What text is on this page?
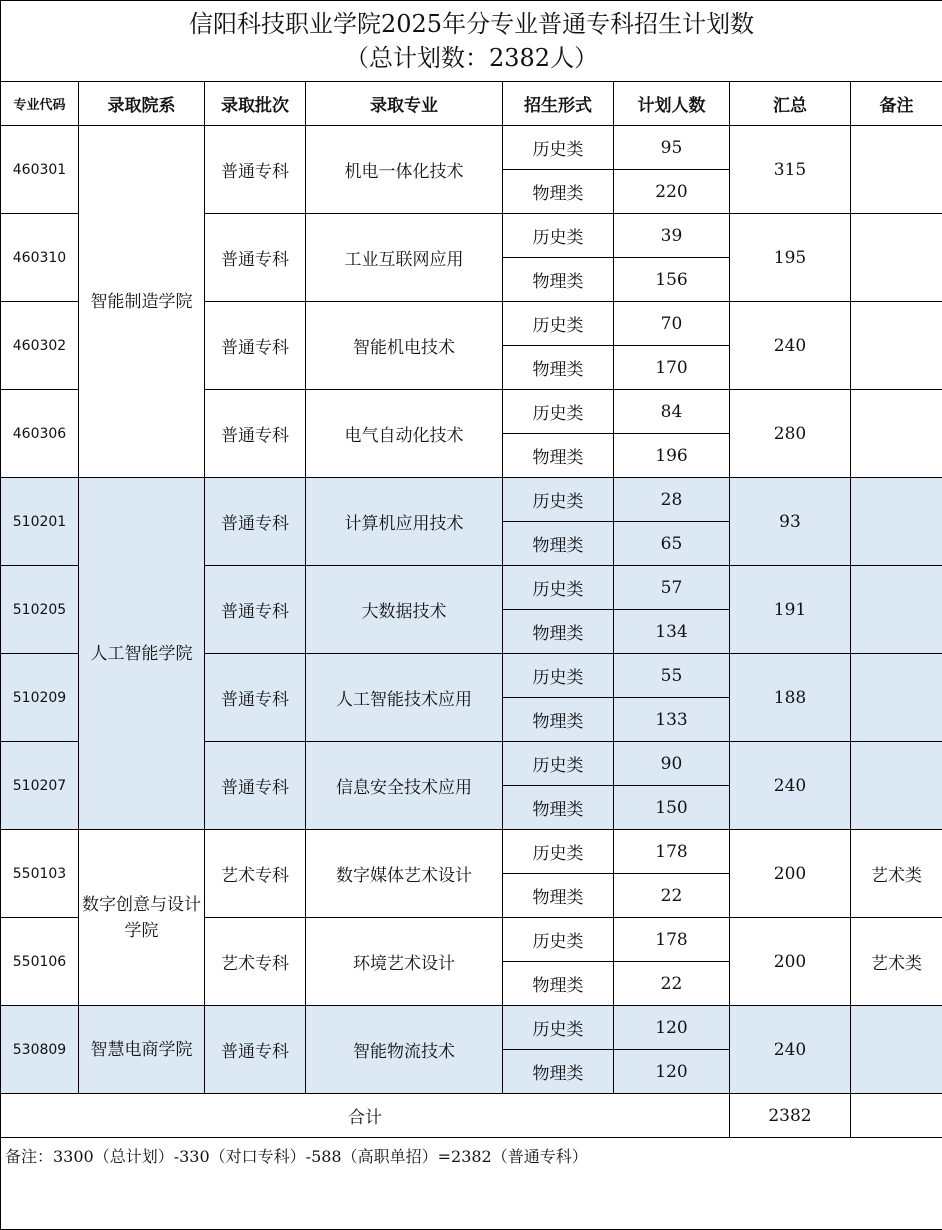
信阳科技职业学院2025年分专业普通专科招生计划数
（总计划数：2382人）							

专业代码	录取院系	录取批次	录取专业	招生形式	计划人数	汇总	备注
460301	智能制造学院	普通专科	机电一体化技术	历史类	95	315	
				物理类	220		
460310		普通专科	工业互联网应用	历史类	39	195	
				物理类	156		
460302		普通专科	智能机电技术	历史类	70	240	
				物理类	170		
460306		普通专科	电气自动化技术	历史类	84	280	
				物理类	196		
510201	人工智能学院	普通专科	计算机应用技术	历史类	28	93	
				物理类	65		
510205		普通专科	大数据技术	历史类	57	191	
				物理类	134		
510209		普通专科	人工智能技术应用	历史类	55	188	
				物理类	133		
510207		普通专科	信息安全技术应用	历史类	90	240	
				物理类	150		
550103	数字创意与设计学院	艺术专科	数字媒体艺术设计	历史类	178	200	艺术类
				物理类	22		
550106		艺术专科	环境艺术设计	历史类	178	200	艺术类
				物理类	22		
530809	智慧电商学院	普通专科	智能物流技术	历史类	120	240	
				物理类	120		
合计						2382	
备注：3300（总计划）-330（对口专科）-588（高职单招）=2382（普通专科）							
